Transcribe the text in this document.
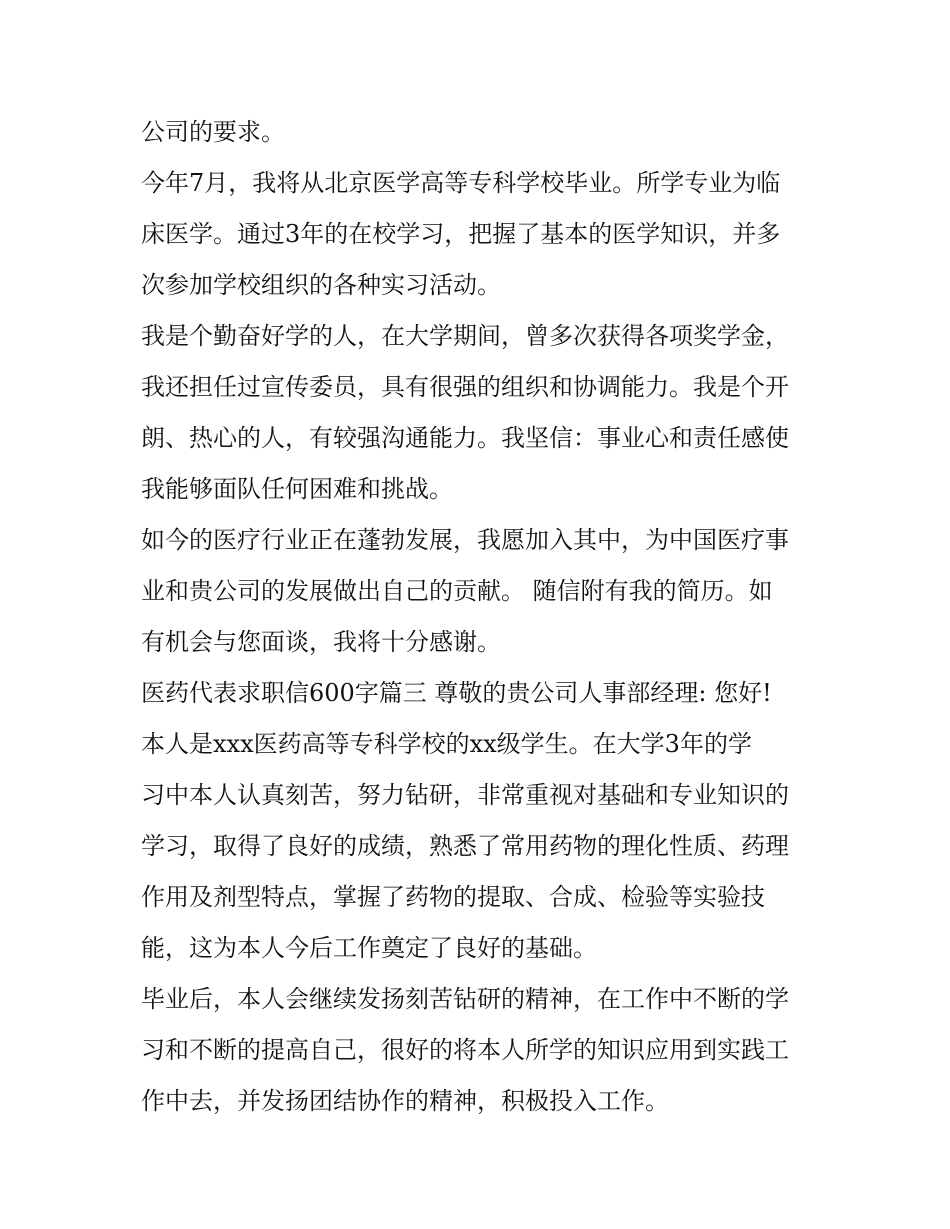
公司的要求。
今年7月，我将从北京医学高等专科学校毕业。所学专业为临
床医学。通过3年的在校学习，把握了基本的医学知识，并多
次参加学校组织的各种实习活动。
我是个勤奋好学的人，在大学期间，曾多次获得各项奖学金，
我还担任过宣传委员，具有很强的组织和协调能力。我是个开
朗、热心的人，有较强沟通能力。我坚信：事业心和责任感使
我能够面队任何困难和挑战。
如今的医疗行业正在蓬勃发展，我愿加入其中，为中国医疗事
业和贵公司的发展做出自己的贡献。 随信附有我的简历。如
有机会与您面谈，我将十分感谢。
医药代表求职信600字篇三 尊敬的贵公司人事部经理: 您好!
本人是xxx医药高等专科学校的xx级学生。在大学3年的学
习中本人认真刻苦，努力钻研，非常重视对基础和专业知识的
学习，取得了良好的成绩，熟悉了常用药物的理化性质、药理
作用及剂型特点，掌握了药物的提取、合成、检验等实验技
能，这为本人今后工作奠定了良好的基础。
毕业后，本人会继续发扬刻苦钻研的精神，在工作中不断的学
习和不断的提高自己，很好的将本人所学的知识应用到实践工
作中去，并发扬团结协作的精神，积极投入工作。
